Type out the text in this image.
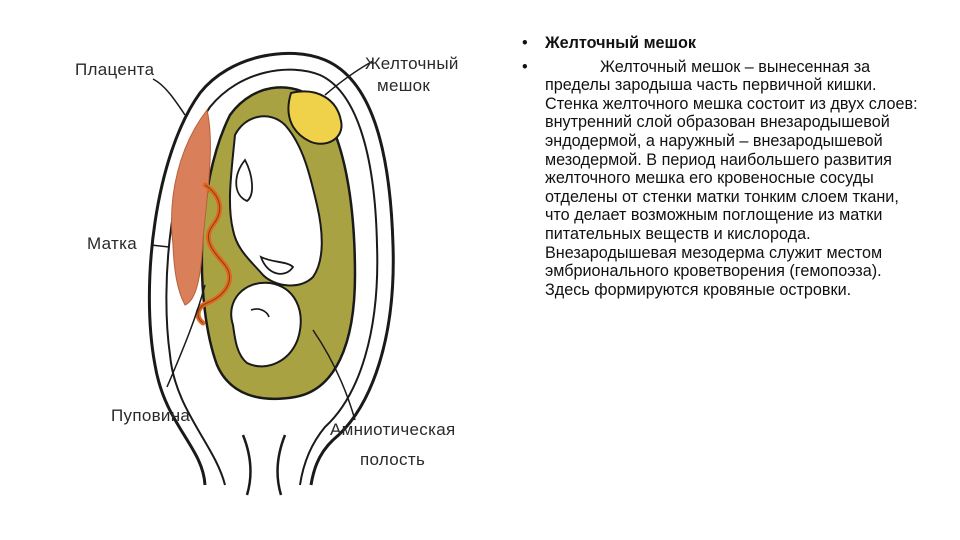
Плацента	Желточный
мешок
Матка
Пуповина
Амниотическая
полость
• Желточный мешок
•	Желточный мешок – вынесенная за пределы зародыша часть первичной кишки. Стенка желточного мешка состоит из двух слоев: внутренний слой образован внезародышевой эндодермой, а наружный – внезародышевой мезодермой. В период наибольшего развития желточного мешка его кровеносные сосуды отделены от стенки матки тонким слоем ткани, что делает возможным поглощение из матки питательных веществ и кислорода. Внезародышевая мезодерма служит местом эмбрионального кроветворения (гемопоэза). Здесь формируются кровяные островки.
